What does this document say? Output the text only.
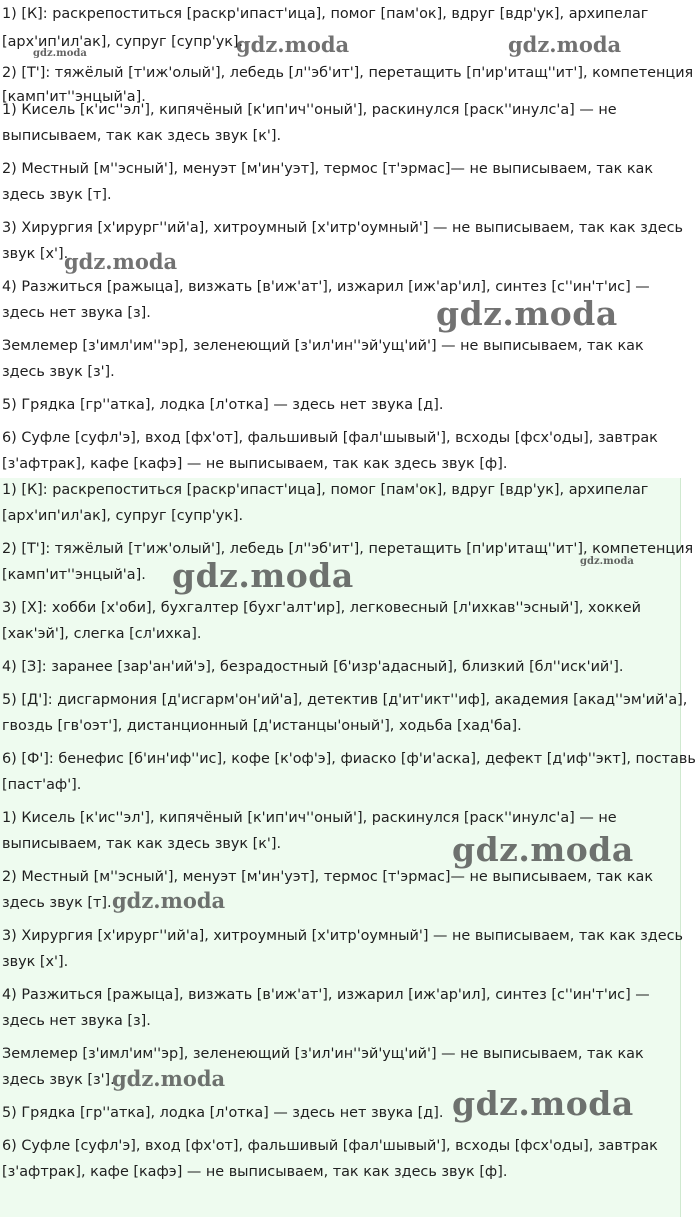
1) [К]: раскрепоститься [раскр'ипаст'ица], помог [пам'ок], вдруг [вдр'ук], архипелаг
[арх'ип'ил'ак], супруг [супр'ук].
2) [Т']: тяжёлый [т'иж'олый'], лебедь [л''эб'ит'], перетащить [п'ир'итащ''ит'], компетенция
[камп'ит''энцый'а].
1) Кисель [к'ис''эл'], кипячёный [к'ип'ич''оный'], раскинулся [раск''инулс'а] — не
выписываем, так как здесь звук [к'].
2) Местный [м''эсный'], менуэт [м'ин'уэт], термос [т'эрмас]— не выписываем, так как
здесь звук [т].
3) Хирургия [х'ирург''ий'а], хитроумный [х'итр'оумный'] — не выписываем, так как здесь
звук [х'].
4) Разжиться [ражыца], визжать [в'иж'ат'], изжарил [иж'ар'ил], синтез [с''ин'т'ис] —
здесь нет звука [з].
Землемер [з'имл'им''эр], зеленеющий [з'ил'ин''эй'ущ'ий'] — не выписываем, так как
здесь звук [з'].
5) Грядка [гр''атка], лодка [л'отка] — здесь нет звука [д].
6) Суфле [суфл'э], вход [фх'от], фальшивый [фал'шывый'], всходы [фсх'оды], завтрак
[з'афтрак], кафе [кафэ] — не выписываем, так как здесь звук [ф].
gdz.moda	gdz.moda	gdz.moda
gdz.moda
gdz.moda
1) [К]: раскрепоститься [раскр'ипаст'ица], помог [пам'ок], вдруг [вдр'ук], архипелаг
[арх'ип'ил'ак], супруг [супр'ук].
2) [Т']: тяжёлый [т'иж'олый'], лебедь [л''эб'ит'], перетащить [п'ир'итащ''ит'], компетенция
[камп'ит''энцый'а].
3) [Х]: хобби [х'оби], бухгалтер [бухг'алт'ир], легковесный [л'ихкав''эсный'], хоккей
[хак'эй'], слегка [сл'ихка].
4) [З]: заранее [зар'ан'ий'э], безрадостный [б'изр'адасный], близкий [бл''иск'ий'].
5) [Д']: дисгармония [д'исгарм'он'ий'а], детектив [д'ит'икт''иф], академия [акад''эм'ий'а],
гвоздь [гв'оэт'], дистанционный [д'истанцы'оный'], ходьба [хад'ба].
6) [Ф']: бенефис [б'ин'иф''ис], кофе [к'оф'э], фиаско [ф'и'аска], дефект [д'иф''экт], поставь
[паст'аф'].
1) Кисель [к'ис''эл'], кипячёный [к'ип'ич''оный'], раскинулся [раск''инулс'а] — не
выписываем, так как здесь звук [к'].
2) Местный [м''эсный'], менуэт [м'ин'уэт], термос [т'эрмас]— не выписываем, так как
здесь звук [т].
3) Хирургия [х'ирург''ий'а], хитроумный [х'итр'оумный'] — не выписываем, так как здесь
звук [х'].
4) Разжиться [ражыца], визжать [в'иж'ат'], изжарил [иж'ар'ил], синтез [с''ин'т'ис] —
здесь нет звука [з].
Землемер [з'имл'им''эр], зеленеющий [з'ил'ин''эй'ущ'ий'] — не выписываем, так как
здесь звук [з'].
5) Грядка [гр''атка], лодка [л'отка] — здесь нет звука [д].
6) Суфле [суфл'э], вход [фх'от], фальшивый [фал'шывый'], всходы [фсх'оды], завтрак
[з'афтрак], кафе [кафэ] — не выписываем, так как здесь звук [ф].
gdz.moda	gdz.moda
gdz.moda
gdz.moda
gdz.moda
gdz.moda
